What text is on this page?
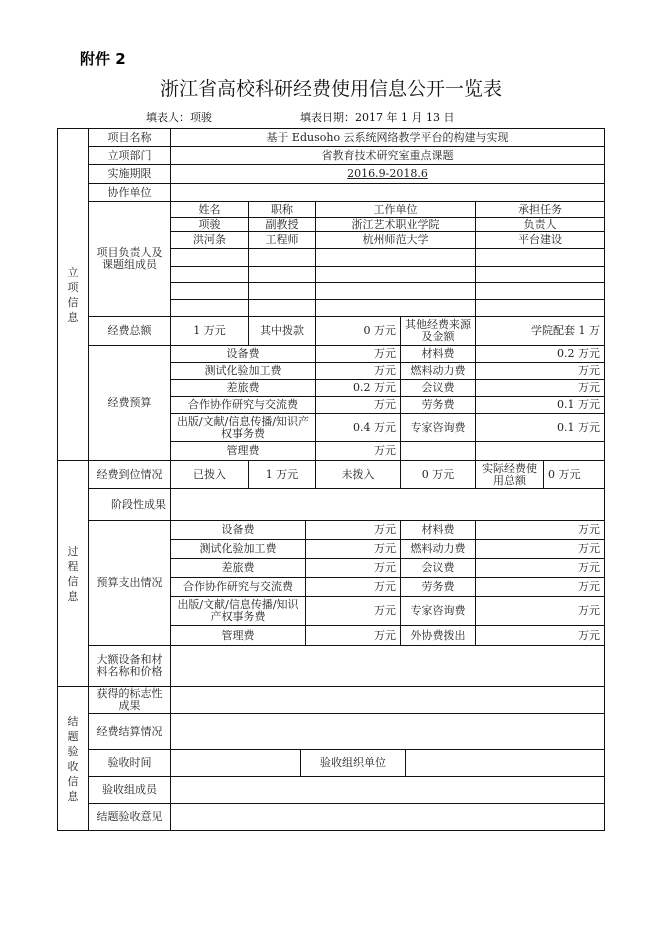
附件 2
浙江省高校科研经费使用信息公开一览表
填表人：项骏	填表日期：2017 年 1 月 13 日
立项信息
过程信息
结题验收信息
项目名称	基于 Edusoho 云系统网络教学平台的构建与实现
立项部门	省教育技术研究室重点课题
实施期限	2016.9-2018.6
协作单位
项目负责人及课题组成员
姓名	职称	工作单位	承担任务
项骏	副教授	浙江艺术职业学院	负责人
洪河条	工程师	杭州师范大学	平台建设
经费总额	1 万元	其中拨款	0 万元 其他经费来源及金额	学院配套 1 万
经费预算
设备费	万元 材料费	0.2 万元
测试化验加工费	万元 燃料动力费	万元
差旅费	0.2 万元 会议费	万元
合作协作研究与交流费	万元 劳务费	0.1 万元
出版/文献/信息传播/知识产权事务费	0.4 万元 专家咨询费	0.1 万元
管理费	万元
经费到位情况	已拨入	1 万元	未拨入	0 万元	实际经费使用总额	0 万元
阶段性成果
预算支出情况
设备费	万元 材料费	万元
测试化验加工费	万元 燃料动力费	万元
差旅费	万元 会议费	万元
合作协作研究与交流费	万元 劳务费	万元
出版/文献/信息传播/知识产权事务费	万元 专家咨询费	万元
管理费	万元 外协费拨出	万元
大额设备和材料名称和价格
获得的标志性成果
经费结算情况
验收时间	验收组织单位
验收组成员
结题验收意见
